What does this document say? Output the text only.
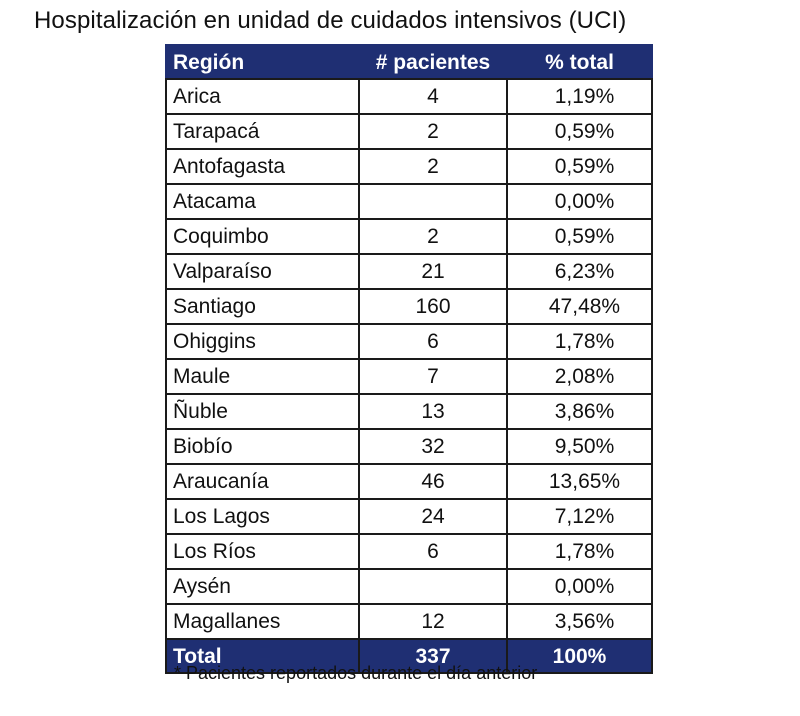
Hospitalización en unidad de cuidados intensivos (UCI)
Región	# pacientes	% total
Arica	4	1,19%
Tarapacá	2	0,59%
Antofagasta	2	0,59%
Atacama		0,00%
Coquimbo	2	0,59%
Valparaíso	21	6,23%
Santiago	160	47,48%
Ohiggins	6	1,78%
Maule	7	2,08%
Ñuble	13	3,86%
Biobío	32	9,50%
Araucanía	46	13,65%
Los Lagos	24	7,12%
Los Ríos	6	1,78%
Aysén		0,00%
Magallanes	12	3,56%
Total	337	100%

* Pacientes reportados durante el día anterior
